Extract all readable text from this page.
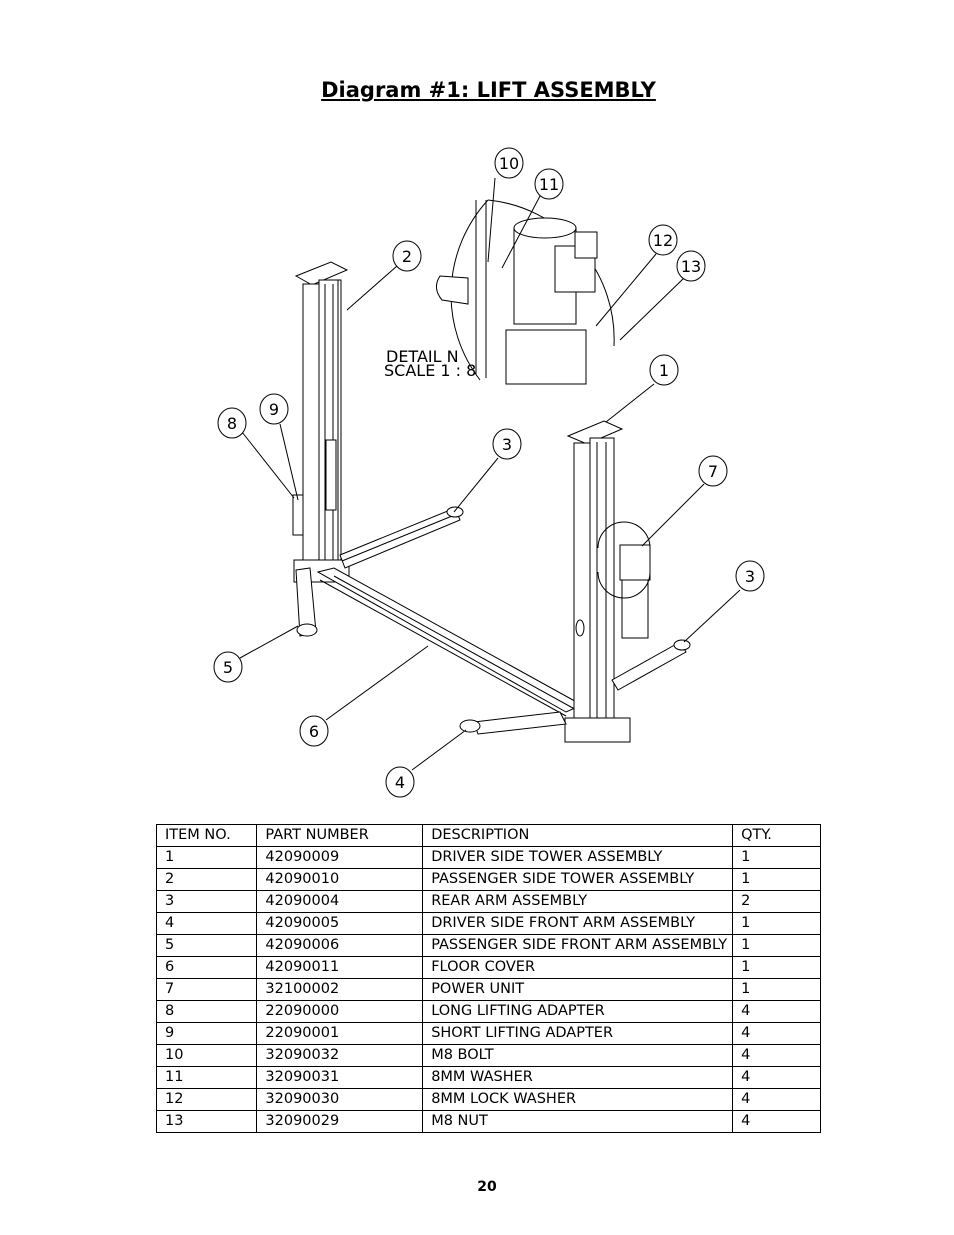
Diagram #1: LIFT ASSEMBLY
DETAIL N
SCALE 1 : 8
10
11
12
13
2
1
8
9
3
7
3
5
6
4
ITEM NO.	PART NUMBER	DESCRIPTION	QTY.
1	42090009	DRIVER SIDE TOWER ASSEMBLY	1
2	42090010	PASSENGER SIDE TOWER ASSEMBLY	1
3	42090004	REAR ARM ASSEMBLY	2
4	42090005	DRIVER SIDE FRONT ARM ASSEMBLY	1
5	42090006	PASSENGER SIDE FRONT ARM ASSEMBLY	1
6	42090011	FLOOR COVER	1
7	32100002	POWER UNIT	1
8	22090000	LONG LIFTING ADAPTER	4
9	22090001	SHORT LIFTING ADAPTER	4
10	32090032	M8 BOLT	4
11	32090031	8MM WASHER	4
12	32090030	8MM LOCK WASHER	4
13	32090029	M8 NUT	4
20
